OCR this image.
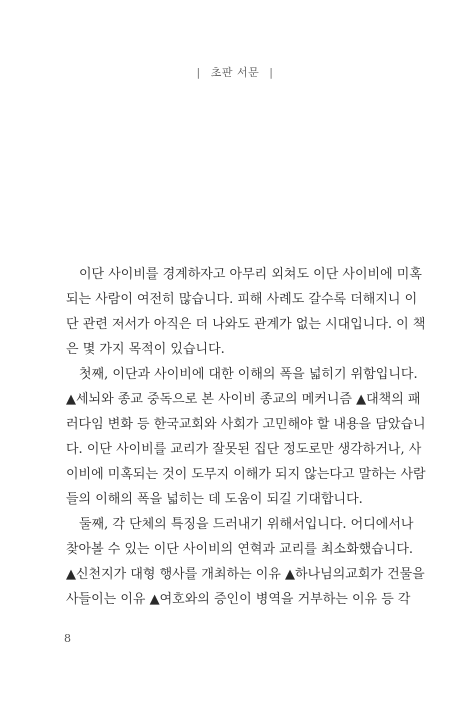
| 초판 서문 |

이단 사이비를 경계하자고 아무리 외쳐도 이단 사이비에 미혹

되는 사람이 여전히 많습니다. 피해 사례도 갈수록 더해지니 이

단 관련 저서가 아직은 더 나와도 관계가 없는 시대입니다. 이 책

은 몇 가지 목적이 있습니다.

첫째, 이단과 사이비에 대한 이해의 폭을 넓히기 위함입니다.

▲세뇌와 종교 중독으로 본 사이비 종교의 메커니즘 ▲대책의 패

러다임 변화 등 한국교회와 사회가 고민해야 할 내용을 담았습니

다. 이단 사이비를 교리가 잘못된 집단 정도로만 생각하거나, 사

이비에 미혹되는 것이 도무지 이해가 되지 않는다고 말하는 사람

들의 이해의 폭을 넓히는 데 도움이 되길 기대합니다.

둘째, 각 단체의 특징을 드러내기 위해서입니다. 어디에서나

찾아볼 수 있는 이단 사이비의 연혁과 교리를 최소화했습니다.

▲신천지가 대형 행사를 개최하는 이유 ▲하나님의교회가 건물을

사들이는 이유 ▲여호와의 증인이 병역을 거부하는 이유 등 각

8
